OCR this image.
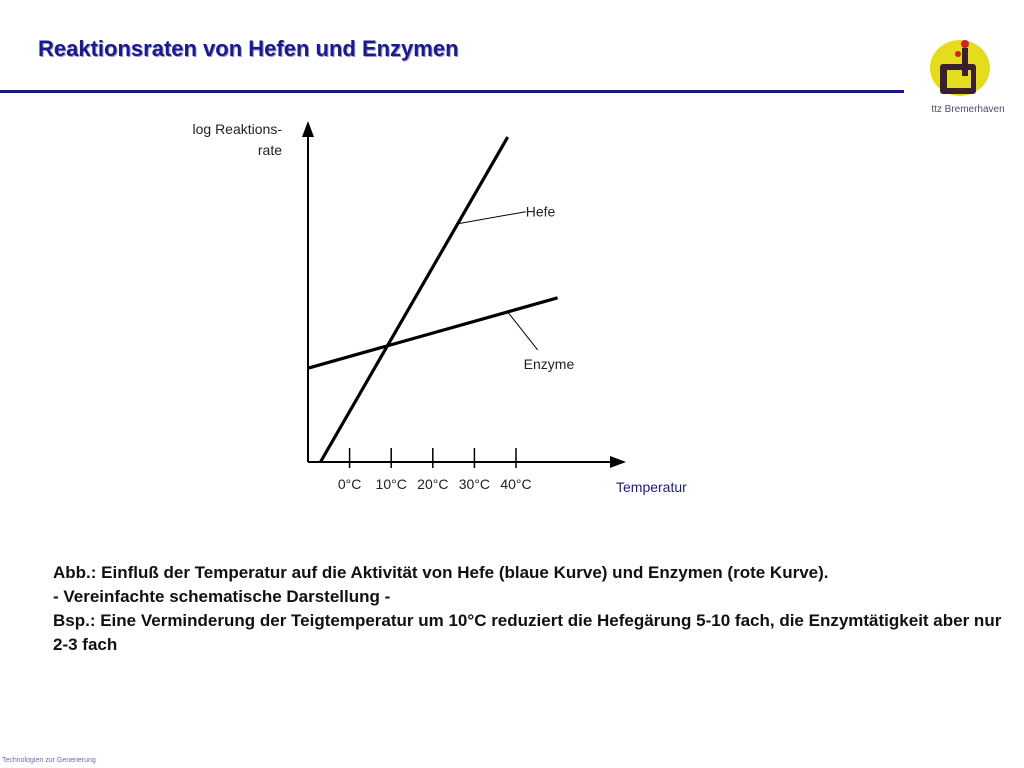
Reaktionsraten von Hefen und Enzymen
ttz Bremerhaven
log Reaktions-
rate
Temperatur
0°C 10°C 20°C 30°C 40°C
Hefe
Enzyme

Abb.: Einfluß der Temperatur auf die Aktivität von Hefe (blaue Kurve) und Enzymen (rote Kurve).

- Vereinfachte schematische Darstellung -

Bsp.: Eine Verminderung der Teigtemperatur um 10°C reduziert die Hefegärung 5-10 fach, die Enzymtätigkeit aber nur 2-3 fach

Technologien zur Generierung
